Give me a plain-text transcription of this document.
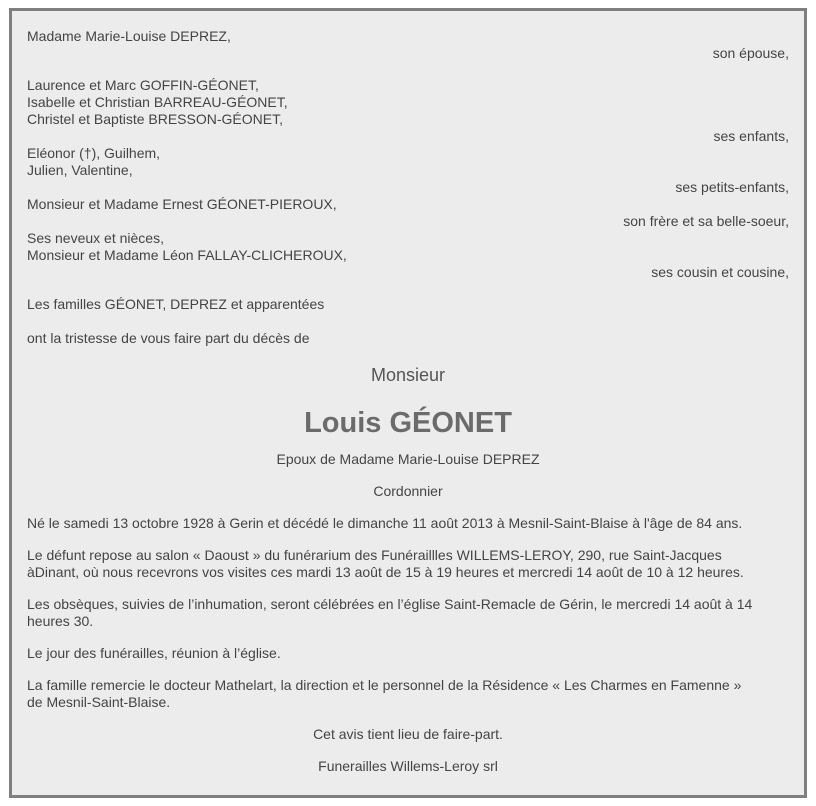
Madame Marie-Louise DEPREZ,
son épouse,
Laurence et Marc GOFFIN-GÉONET,
Isabelle et Christian BARREAU-GÉONET,
Christel et Baptiste BRESSON-GÉONET,
ses enfants,
Eléonor (†), Guilhem,
Julien, Valentine,
ses petits-enfants,
Monsieur et Madame Ernest GÉONET-PIEROUX,
son frère et sa belle-soeur,
Ses neveux et nièces,
Monsieur et Madame Léon FALLAY-CLICHEROUX,
ses cousin et cousine,
Les familles GÉONET, DEPREZ et apparentées
ont la tristesse de vous faire part du décès de
Monsieur
Louis GÉONET
Epoux de Madame Marie-Louise DEPREZ
Cordonnier
Né le samedi 13 octobre 1928 à Gerin et décédé le dimanche 11 août 2013 à Mesnil-Saint-Blaise à l'âge de 84 ans.
Le défunt repose au salon « Daoust » du funérarium des Funéraillles WILLEMS-LEROY, 290, rue Saint-Jacques
àDinant, où nous recevrons vos visites ces mardi 13 août de 15 à 19 heures et mercredi 14 août de 10 à 12 heures.
Les obsèques, suivies de l’inhumation, seront célébrées en l’église Saint-Remacle de Gérin, le mercredi 14 août à 14
heures 30.
Le jour des funérailles, réunion à l’église.
La famille remercie le docteur Mathelart, la direction et le personnel de la Résidence « Les Charmes en Famenne »
de Mesnil-Saint-Blaise.
Cet avis tient lieu de faire-part.
Funerailles Willems-Leroy srl
